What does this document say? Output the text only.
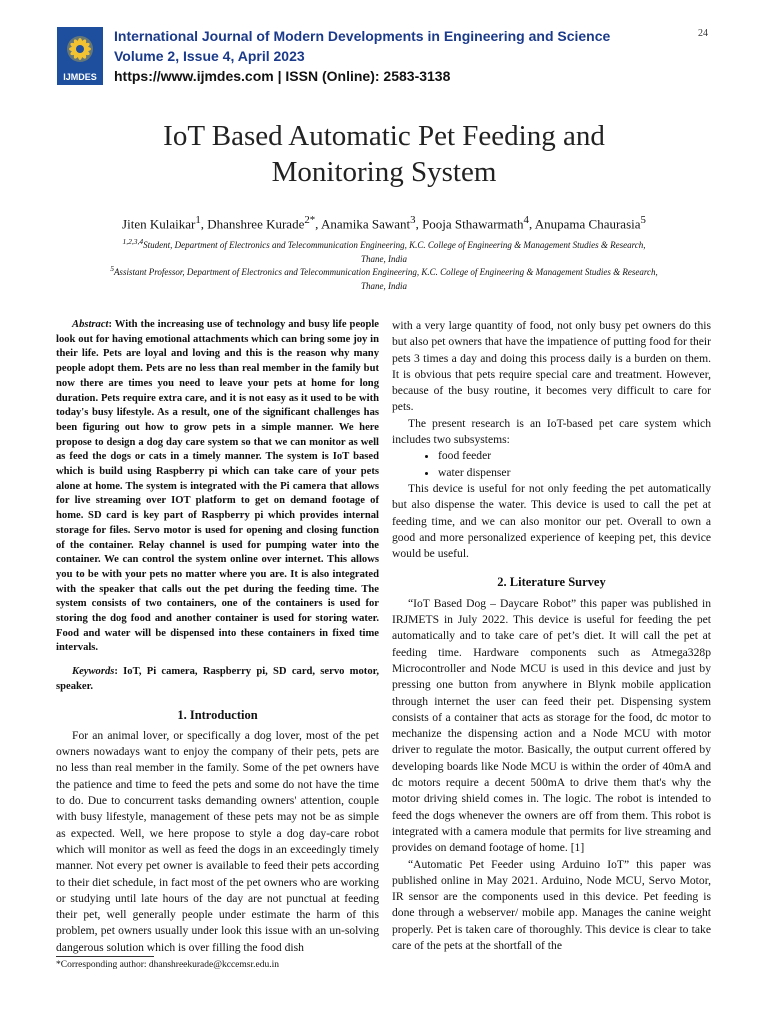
IJMDES
International Journal of Modern Developments in Engineering and Science
Volume 2, Issue 4, April 2023
https://www.ijmdes.com | ISSN (Online): 2583-3138
24
IoT Based Automatic Pet Feeding and
Monitoring System
Jiten Kulaikar$^1$, Dhanshree Kurade$^{2*}$, Anamika Sawant$^3$, Pooja Sthawarmath$^4$, Anupama Chaurasia$^5$
$^{1,2,3,4}$Student, Department of Electronics and Telecommunication Engineering, K.C. College of Engineering & Management Studies & Research, Thane, India
$^5$Assistant Professor, Department of Electronics and Telecommunication Engineering, K.C. College of Engineering & Management Studies & Research, Thane, India

Abstract: With the increasing use of technology and busy life people look out for having emotional attachments which can bring some joy in their life. Pets are loyal and loving and this is the reason why many people adopt them. Pets are no less than real member in the family but now there are times you need to leave your pets at home for long duration. Pets require extra care, and it is not easy as it used to be with today's busy lifestyle. As a result, one of the significant challenges has been figuring out how to grow pets in a simple manner. We here propose to design a dog day care system so that we can monitor as well as feed the dogs or cats in a timely manner. The system is IoT based which is build using Raspberry pi which can take care of your pets alone at home. The system is integrated with the Pi camera that allows for live streaming over IOT platform to get on demand footage of home. SD card is key part of Raspberry pi which provides internal storage for files. Servo motor is used for opening and closing function of the container. Relay channel is used for pumping water into the container. We can control the system online over internet. This allows you to be with your pets no matter where you are. It is also integrated with the speaker that calls out the pet during the feeding time. The system consists of two containers, one of the containers is used for storing the dog food and another container is used for storing water. Food and water will be dispensed into these containers in fixed time intervals.

Keywords: IoT, Pi camera, Raspberry pi, SD card, servo motor, speaker.

1. Introduction

For an animal lover, or specifically a dog lover, most of the pet owners nowadays want to enjoy the company of their pets, pets are no less than real member in the family. Some of the pet owners have the patience and time to feed the pets and some do not have the time to do. Due to concurrent tasks demanding owners' attention, couple with busy lifestyle, management of these pets may not be as simple as expected. Well, we here propose to style a dog day-care robot which will monitor as well as feed the dogs in an exceedingly timely manner. Not every pet owner is available to feed their pets according to their diet schedule, in fact most of the pet owners who are working or studying until late hours of the day are not punctual at feeding their pet, well generally people under estimate the harm of this problem, pet owners usually under look this issue with an un-solving dangerous solution which is over filling the food dish

with a very large quantity of food, not only busy pet owners do this but also pet owners that have the impatience of putting food for their pets 3 times a day and doing this process daily is a burden on them. It is obvious that pets require special care and treatment. However, because of the busy routine, it becomes very difficult to care for pets.

The present research is an IoT-based pet care system which includes two subsystems:

• food feeder
• water dispenser

This device is useful for not only feeding the pet automatically but also dispense the water. This device is used to call the pet at feeding time, and we can also monitor our pet. Overall to own a good and more personalized experience of keeping pet, this device would be useful.

2. Literature Survey

“IoT Based Dog – Daycare Robot” this paper was published in IRJMETS in July 2022. This device is useful for feeding the pet automatically and to take care of pet’s diet. It will call the pet at feeding time. Hardware components such as Atmega328p Microcontroller and Node MCU is used in this device and just by pressing one button from anywhere in Blynk mobile application through internet the user can feed their pet. Dispensing system consists of a container that acts as storage for the food, dc motor to mechanize the dispensing action and a Node MCU with motor driver to regulate the motor. Basically, the output current offered by developing boards like Node MCU is within the order of 40mA and dc motors require a decent 500mA to drive them that's why the motor driving shield comes in. The logic. The robot is intended to feed the dogs whenever the owners are off from them. This robot is integrated with a camera module that permits for live streaming and provides on demand footage of home. [1]

“Automatic Pet Feeder using Arduino IoT” this paper was published online in May 2021. Arduino, Node MCU, Servo Motor, IR sensor are the components used in this device. Pet feeding is done through a webserver/ mobile app. Manages the canine weight properly. Pet is taken care of thoroughly. This device is clear to take care of the pets at the shortfall of the

*Corresponding author: dhanshreekurade@kccemsr.edu.in
